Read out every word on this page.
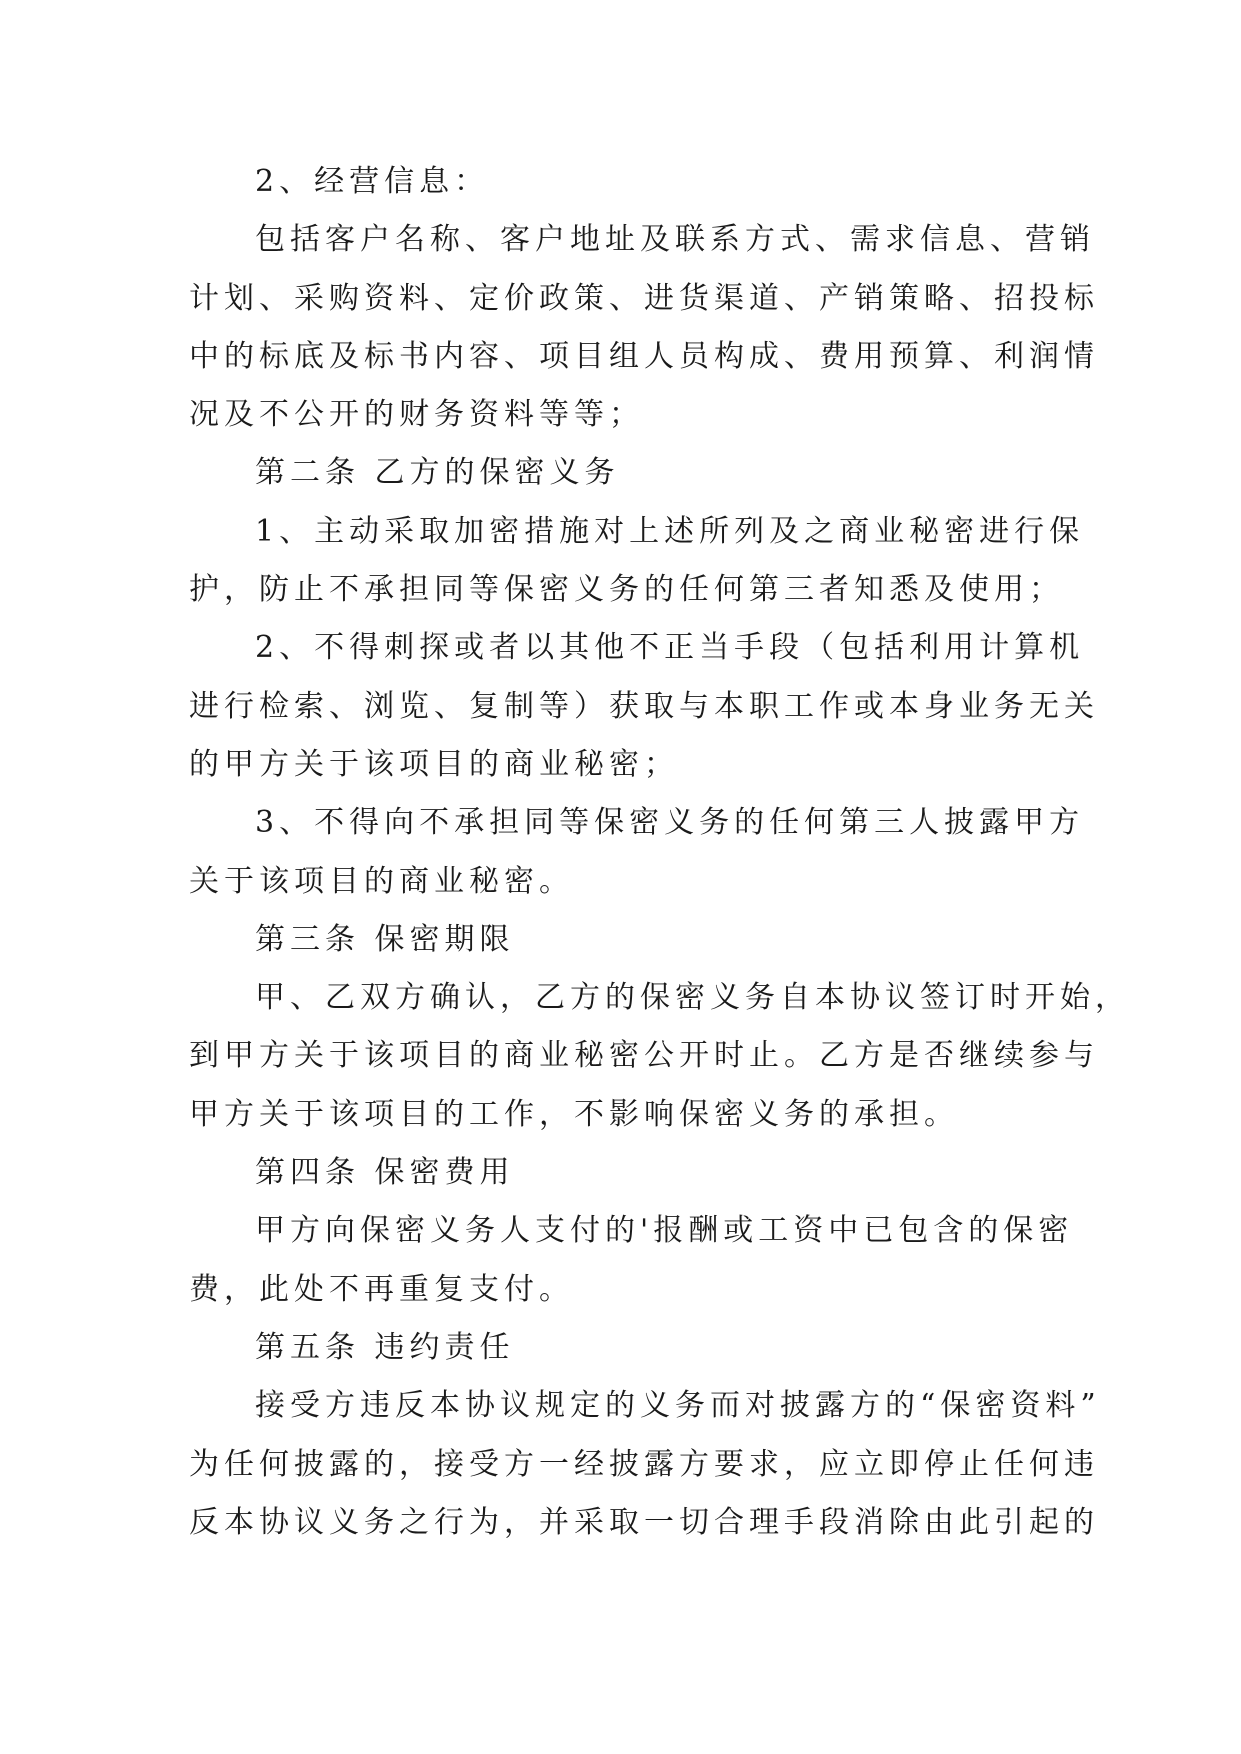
2、经营信息：
包括客户名称、客户地址及联系方式、需求信息、营销
计划、采购资料、定价政策、进货渠道、产销策略、招投标
中的标底及标书内容、项目组人员构成、费用预算、利润情
况及不公开的财务资料等等；
第二条 乙方的保密义务
1、主动采取加密措施对上述所列及之商业秘密进行保
护，防止不承担同等保密义务的任何第三者知悉及使用；
2、不得刺探或者以其他不正当手段（包括利用计算机
进行检索、浏览、复制等）获取与本职工作或本身业务无关
的甲方关于该项目的商业秘密；
3、不得向不承担同等保密义务的任何第三人披露甲方
关于该项目的商业秘密。
第三条 保密期限
甲、乙双方确认，乙方的保密义务自本协议签订时开始，
到甲方关于该项目的商业秘密公开时止。乙方是否继续参与
甲方关于该项目的工作，不影响保密义务的承担。
第四条 保密费用
甲方向保密义务人支付的'报酬或工资中已包含的保密
费，此处不再重复支付。
第五条 违约责任
接受方违反本协议规定的义务而对披露方的“保密资料”
为任何披露的，接受方一经披露方要求，应立即停止任何违
反本协议义务之行为，并采取一切合理手段消除由此引起的
